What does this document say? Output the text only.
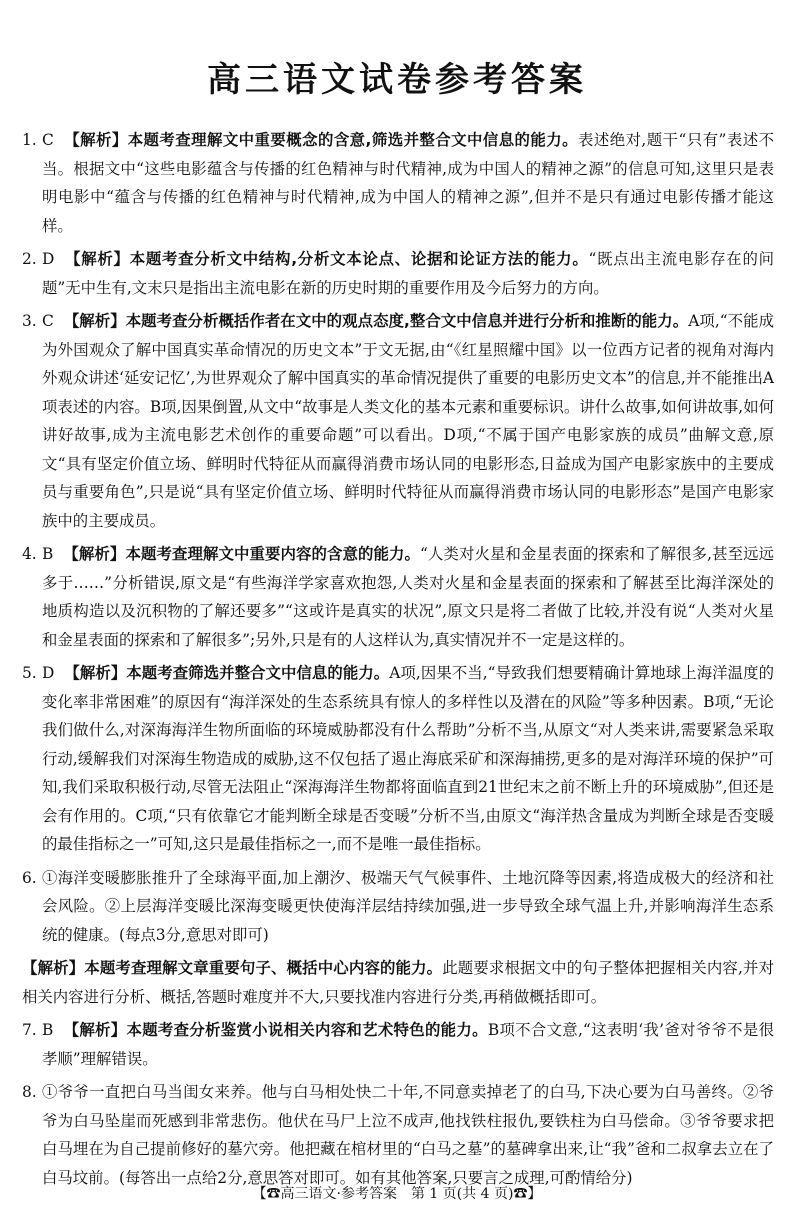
高三语文试卷参考答案
1. C 【解析】本题考查理解文中重要概念的含意,筛选并整合文中信息的能力。表述绝对,题干“只有”表述不当。根据文中“这些电影蕴含与传播的红色精神与时代精神,成为中国人的精神之源”的信息可知,这里只是表明电影中“蕴含与传播的红色精神与时代精神,成为中国人的精神之源”,但并不是只有通过电影传播才能这样。
2. D 【解析】本题考查分析文中结构,分析文本论点、论据和论证方法的能力。“既点出主流电影存在的问题”无中生有,文末只是指出主流电影在新的历史时期的重要作用及今后努力的方向。
3. C 【解析】本题考查分析概括作者在文中的观点态度,整合文中信息并进行分析和推断的能力。A项,“不能成为外国观众了解中国真实革命情况的历史文本”于文无据,由“《红星照耀中国》以一位西方记者的视角对海内外观众讲述‘延安记忆’,为世界观众了解中国真实的革命情况提供了重要的电影历史文本”的信息,并不能推出A项表述的内容。B项,因果倒置,从文中“故事是人类文化的基本元素和重要标识。讲什么故事,如何讲故事,如何讲好故事,成为主流电影艺术创作的重要命题”可以看出。D项,“不属于国产电影家族的成员”曲解文意,原文“具有坚定价值立场、鲜明时代特征从而赢得消费市场认同的电影形态,日益成为国产电影家族中的主要成员与重要角色”,只是说“具有坚定价值立场、鲜明时代特征从而赢得消费市场认同的电影形态”是国产电影家族中的主要成员。
4. B 【解析】本题考查理解文中重要内容的含意的能力。“人类对火星和金星表面的探索和了解很多,甚至远远多于……”分析错误,原文是“有些海洋学家喜欢抱怨,人类对火星和金星表面的探索和了解甚至比海洋深处的地质构造以及沉积物的了解还要多”“这或许是真实的状况”,原文只是将二者做了比较,并没有说“人类对火星和金星表面的探索和了解很多”;另外,只是有的人这样认为,真实情况并不一定是这样的。
5. D 【解析】本题考查筛选并整合文中信息的能力。A项,因果不当,“导致我们想要精确计算地球上海洋温度的变化率非常困难”的原因有“海洋深处的生态系统具有惊人的多样性以及潜在的风险”等多种因素。B项,“无论我们做什么,对深海海洋生物所面临的环境威胁都没有什么帮助”分析不当,从原文“对人类来讲,需要紧急采取行动,缓解我们对深海生物造成的威胁,这不仅包括了遏止海底采矿和深海捕捞,更多的是对海洋环境的保护”可知,我们采取积极行动,尽管无法阻止“深海海洋生物都将面临直到21世纪末之前不断上升的环境威胁”,但还是会有作用的。C项,“只有依靠它才能判断全球是否变暖”分析不当,由原文“海洋热含量成为判断全球是否变暖的最佳指标之一”可知,这只是最佳指标之一,而不是唯一最佳指标。
6. ①海洋变暖膨胀推升了全球海平面,加上潮汐、极端天气气候事件、土地沉降等因素,将造成极大的经济和社会风险。②上层海洋变暖比深海变暖更快使海洋层结持续加强,进一步导致全球气温上升,并影响海洋生态系统的健康。(每点3分,意思对即可)
【解析】本题考查理解文章重要句子、概括中心内容的能力。此题要求根据文中的句子整体把握相关内容,并对相关内容进行分析、概括,答题时难度并不大,只要找准内容进行分类,再稍做概括即可。
7. B 【解析】本题考查分析鉴赏小说相关内容和艺术特色的能力。B项不合文意,“这表明‘我’爸对爷爷不是很孝顺”理解错误。
8. ①爷爷一直把白马当闺女来养。他与白马相处快二十年,不同意卖掉老了的白马,下决心要为白马善终。②爷爷为白马坠崖而死感到非常悲伤。他伏在马尸上泣不成声,他找铁柱报仇,要铁柱为白马偿命。③爷爷要求把白马埋在为自己提前修好的墓穴旁。他把藏在棺材里的“白马之墓”的墓碑拿出来,让“我”爸和二叔拿去立在了白马坟前。(每答出一点给2分,意思答对即可。如有其他答案,只要言之成理,可酌情给分)
【☎高三语文·参考答案　第 1 页(共 4 页)☎】
